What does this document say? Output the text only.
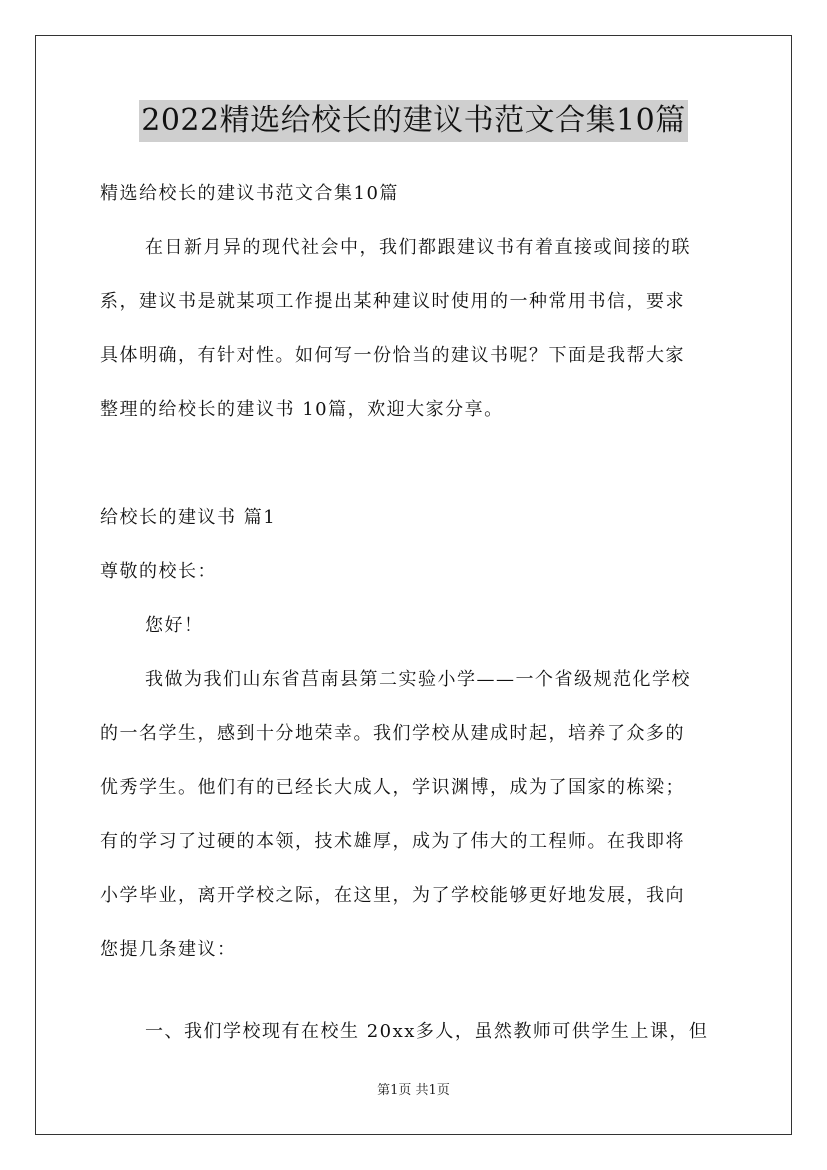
2022精选给校长的建议书范文合集10篇
精选给校长的建议书范文合集10篇
在日新月异的现代社会中，我们都跟建议书有着直接或间接的联
系，建议书是就某项工作提出某种建议时使用的一种常用书信，要求
具体明确，有针对性。如何写一份恰当的建议书呢？下面是我帮大家
整理的给校长的建议书 10篇，欢迎大家分享。
给校长的建议书 篇1
尊敬的校长：
您好！
我做为我们山东省莒南县第二实验小学——一个省级规范化学校
的一名学生，感到十分地荣幸。我们学校从建成时起，培养了众多的
优秀学生。他们有的已经长大成人，学识渊博，成为了国家的栋梁；
有的学习了过硬的本领，技术雄厚，成为了伟大的工程师。在我即将
小学毕业，离开学校之际，在这里，为了学校能够更好地发展，我向
您提几条建议：
一、我们学校现有在校生 20xx多人，虽然教师可供学生上课，但
第1页 共1页
